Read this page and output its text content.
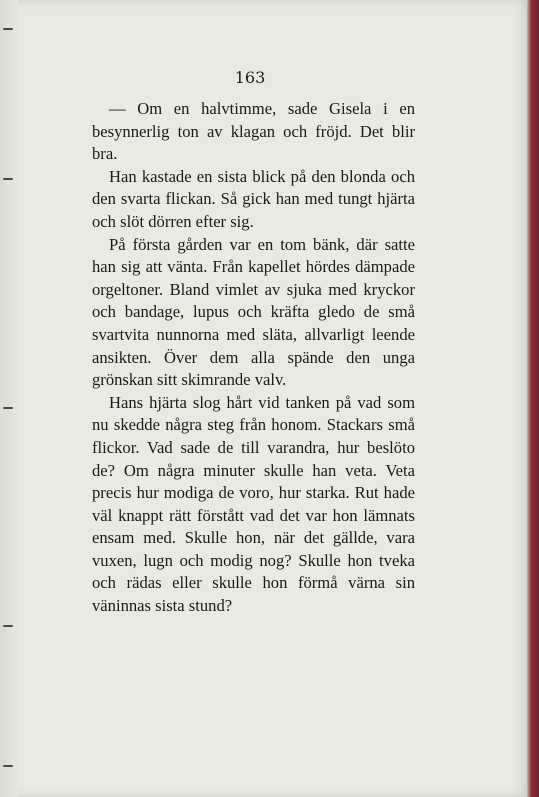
163

— Om en halvtimme, sade Gisela i en besynnerlig ton av klagan och fröjd. Det blir bra.

Han kastade en sista blick på den blonda och den svarta flickan. Så gick han med tungt hjärta och slöt dörren efter sig.

På första gården var en tom bänk, där satte han sig att vänta. Från kapellet hördes dämpade orgeltoner. Bland vimlet av sjuka med kryckor och bandage, lupus och kräfta gledo de små svartvita nunnorna med släta, allvarligt leende ansikten. Över dem alla spände den unga grönskan sitt skimrande valv.

Hans hjärta slog hårt vid tanken på vad som nu skedde några steg från honom. Stackars små flickor. Vad sade de till varandra, hur beslöto de? Om några minuter skulle han veta. Veta precis hur modiga de voro, hur starka. Rut hade väl knappt rätt förstått vad det var hon lämnats ensam med. Skulle hon, när det gällde, vara vuxen, lugn och modig nog? Skulle hon tveka och rädas eller skulle hon förmå värna sin väninnas sista stund?
